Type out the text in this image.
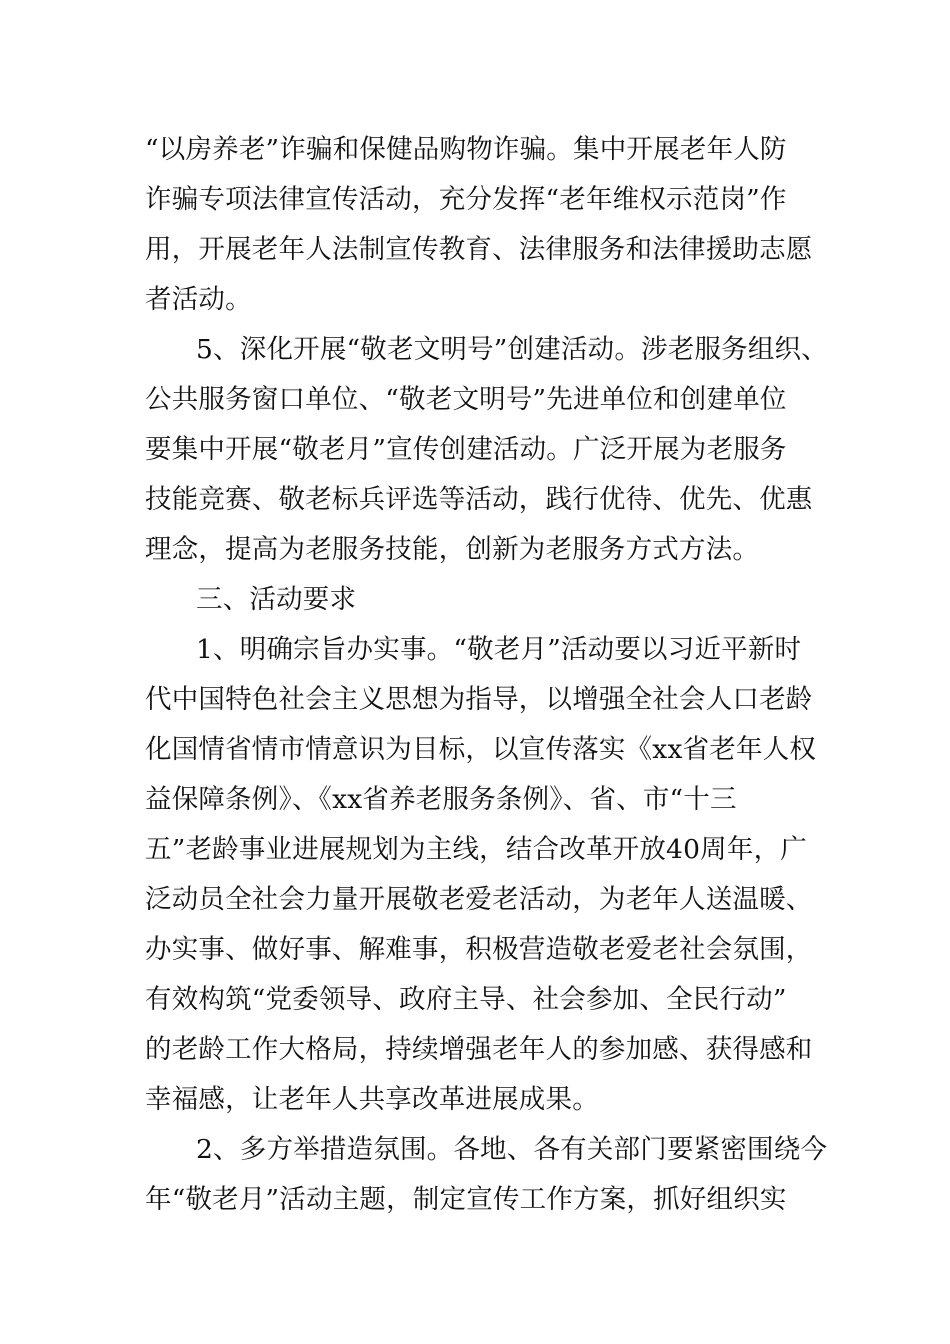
“以房养老”诈骗和保健品购物诈骗。集中开展老年人防
诈骗专项法律宣传活动，充分发挥“老年维权示范岗”作
用，开展老年人法制宣传教育、法律服务和法律援助志愿
者活动。
5、深化开展“敬老文明号”创建活动。涉老服务组织、
公共服务窗口单位、“敬老文明号”先进单位和创建单位
要集中开展“敬老月”宣传创建活动。广泛开展为老服务
技能竞赛、敬老标兵评选等活动，践行优待、优先、优惠
理念，提高为老服务技能，创新为老服务方式方法。
三、活动要求
1、明确宗旨办实事。“敬老月”活动要以习近平新时
代中国特色社会主义思想为指导，以增强全社会人口老龄
化国情省情市情意识为目标，以宣传落实《xx省老年人权
益保障条例》、《xx省养老服务条例》、省、市“十三
五”老龄事业进展规划为主线，结合改革开放40周年，广
泛动员全社会力量开展敬老爱老活动，为老年人送温暖、
办实事、做好事、解难事，积极营造敬老爱老社会氛围，
有效构筑“党委领导、政府主导、社会参加、全民行动”
的老龄工作大格局，持续增强老年人的参加感、获得感和
幸福感，让老年人共享改革进展成果。
2、多方举措造氛围。各地、各有关部门要紧密围绕今
年“敬老月”活动主题，制定宣传工作方案，抓好组织实
